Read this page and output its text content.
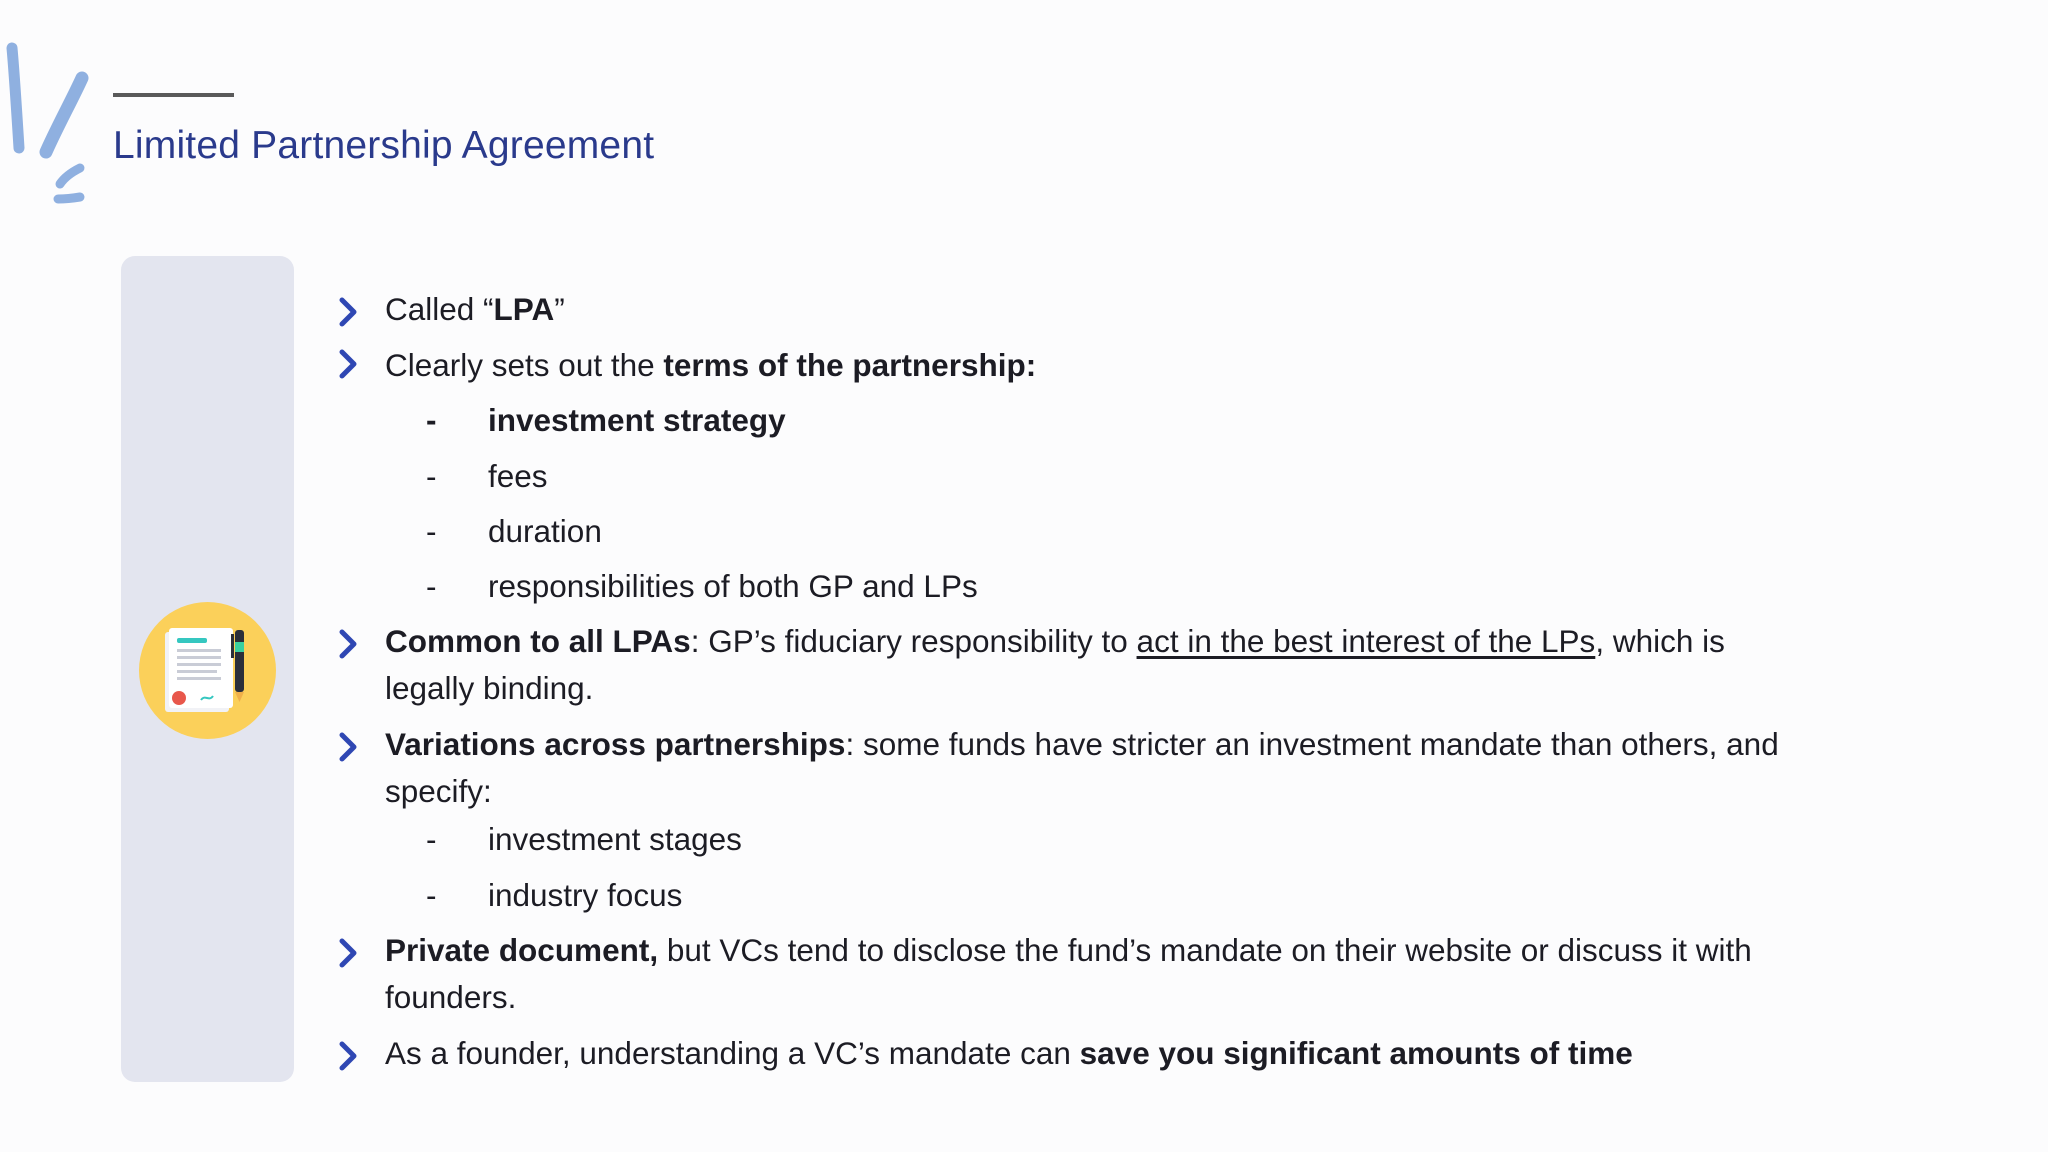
Limited Partnership Agreement
Called “LPA”
Clearly sets out the terms of the partnership:
- investment strategy
- fees
- duration
- responsibilities of both GP and LPs
Common to all LPAs: GP’s fiduciary responsibility to act in the best interest of the LPs, which is
legally binding.
Variations across partnerships: some funds have stricter an investment mandate than others, and
specify:
- investment stages
- industry focus
Private document, but VCs tend to disclose the fund’s mandate on their website or discuss it with
founders.
As a founder, understanding a VC’s mandate can save you significant amounts of time
